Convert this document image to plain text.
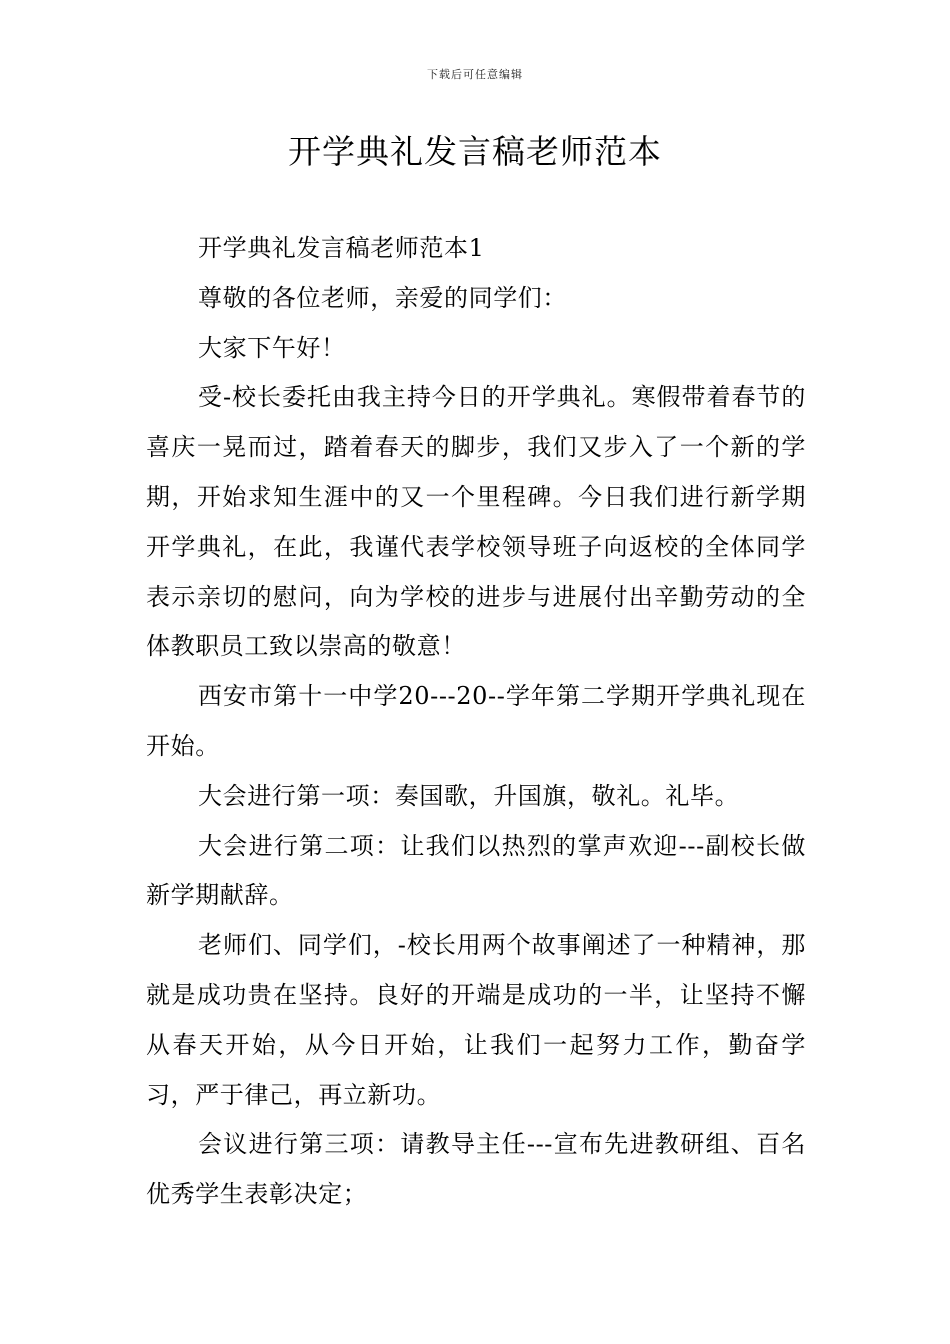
下载后可任意编辑
开学典礼发言稿老师范本

开学典礼发言稿老师范本1

尊敬的各位老师，亲爱的同学们：

大家下午好！

受-校长委托由我主持今日的开学典礼。寒假带着春节的喜庆一晃而过，踏着春天的脚步，我们又步入了一个新的学期，开始求知生涯中的又一个里程碑。今日我们进行新学期开学典礼，在此，我谨代表学校领导班子向返校的全体同学表示亲切的慰问，向为学校的进步与进展付出辛勤劳动的全体教职员工致以崇高的敬意！

西安市第十一中学20---20--学年第二学期开学典礼现在开始。

大会进行第一项：奏国歌，升国旗，敬礼。礼毕。

大会进行第二项：让我们以热烈的掌声欢迎---副校长做新学期献辞。

老师们、同学们，-校长用两个故事阐述了一种精神，那就是成功贵在坚持。良好的开端是成功的一半，让坚持不懈从春天开始，从今日开始，让我们一起努力工作，勤奋学习，严于律己，再立新功。

会议进行第三项：请教导主任---宣布先进教研组、百名优秀学生表彰决定；
